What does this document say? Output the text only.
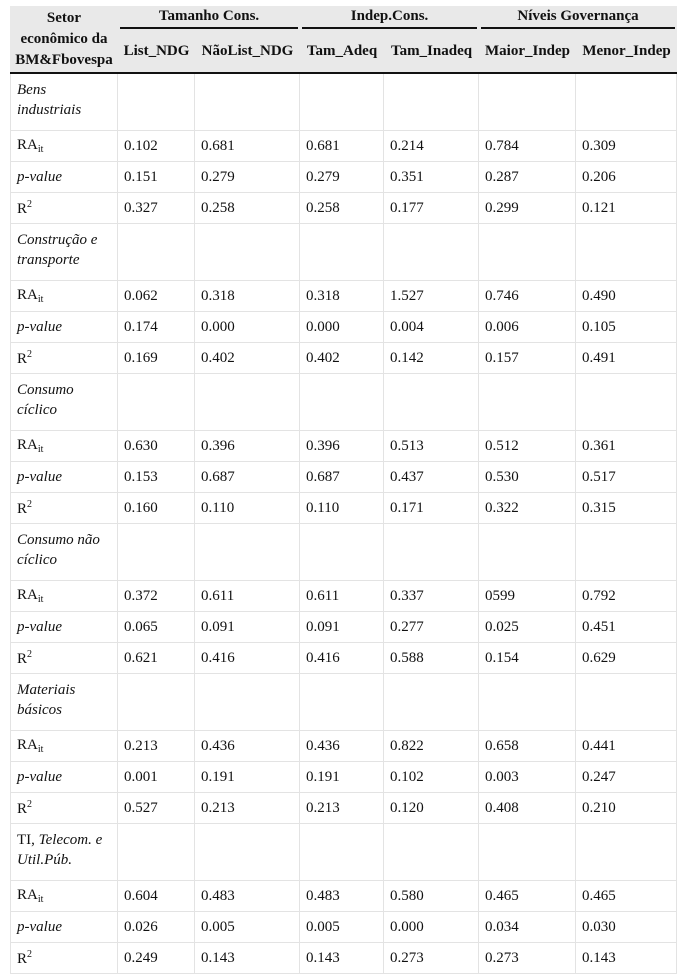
Setor
econômico da
BM&Fbovespa	Tamanho Cons.		Indep.Cons.		Níveis Governança	

	List_NDG	NãoList_NDG	Tam_Adeq	Tam_Inadeq	Maior_Indep	Menor_Indep
Bens
industriais						
$RA_{it}$	0.102	0.681	0.681	0.214	0.784	0.309
p-value	0.151	0.279	0.279	0.351	0.287	0.206
$R^2$	0.327	0.258	0.258	0.177	0.299	0.121
Construção e
transporte						
$RA_{it}$	0.062	0.318	0.318	1.527	0.746	0.490
p-value	0.174	0.000	0.000	0.004	0.006	0.105
$R^2$	0.169	0.402	0.402	0.142	0.157	0.491
Consumo
cíclico						
$RA_{it}$	0.630	0.396	0.396	0.513	0.512	0.361
p-value	0.153	0.687	0.687	0.437	0.530	0.517
$R^2$	0.160	0.110	0.110	0.171	0.322	0.315
Consumo não
cíclico						
$RA_{it}$	0.372	0.611	0.611	0.337	0599	0.792
p-value	0.065	0.091	0.091	0.277	0.025	0.451
$R^2$	0.621	0.416	0.416	0.588	0.154	0.629
Materiais
básicos						
$RA_{it}$	0.213	0.436	0.436	0.822	0.658	0.441
p-value	0.001	0.191	0.191	0.102	0.003	0.247
$R^2$	0.527	0.213	0.213	0.120	0.408	0.210
TI, Telecom. e
Util.Púb.						
$RA_{it}$	0.604	0.483	0.483	0.580	0.465	0.465
p-value	0.026	0.005	0.005	0.000	0.034	0.030
$R^2$	0.249	0.143	0.143	0.273	0.273	0.143
